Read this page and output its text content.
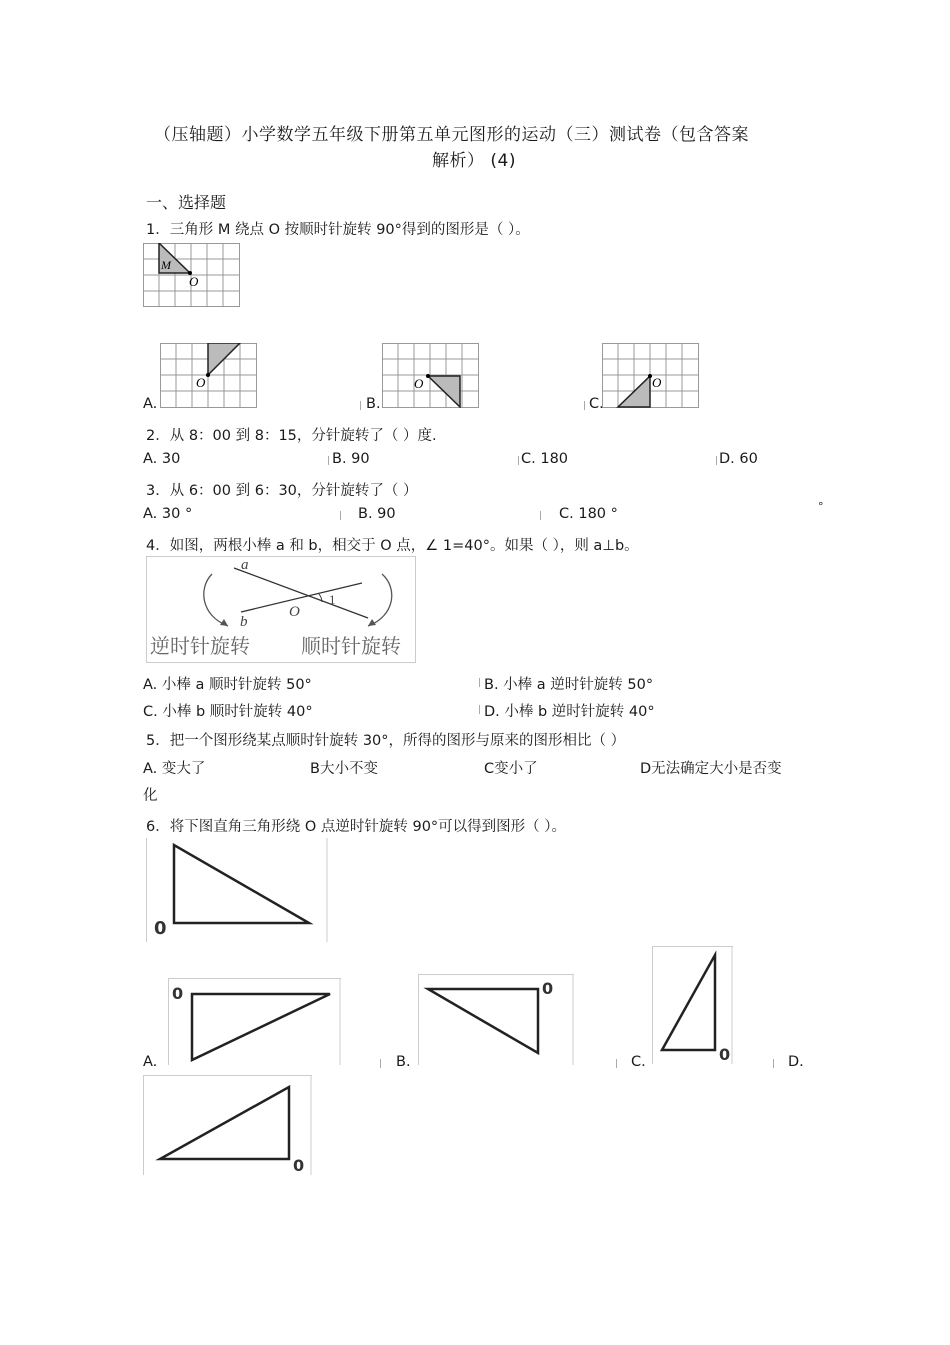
（压轴题）小学数学五年级下册第五单元图形的运动（三）测试卷（包含答案
解析） (4)
一、选择题
1．三角形 M 绕点 O 按顺时针旋转 90°得到的图形是（ ）。
M
O
A.
O
B.
O
C.
O
2．从 8：00 到 8：15，分针旋转了（ ）度.
A. 30	B. 90	C. 180	D. 60
3．从 6：00 到 6：30，分针旋转了（ ）
A. 30 °	B. 90	C. 180 °	°
4．如图，两根小棒 a 和 b，相交于 O 点，∠ 1=40°。如果（ ），则 a⊥b。
a
b
O
1
逆时针旋转	顺时针旋转
A. 小棒 a 顺时针旋转 50°	B. 小棒 a 逆时针旋转 50°
C. 小棒 b 顺时针旋转 40°	D. 小棒 b 逆时针旋转 40°
5．把一个图形绕某点顺时针旋转 30°，所得的图形与原来的图形相比（ ）
A. 变大了	B大小不变	C变小了	D无法确定大小是否变
化
6．将下图直角三角形绕 O 点逆时针旋转 90°可以得到图形（ ）。
0
A.
0
B.
0
C.	0	D.
0
